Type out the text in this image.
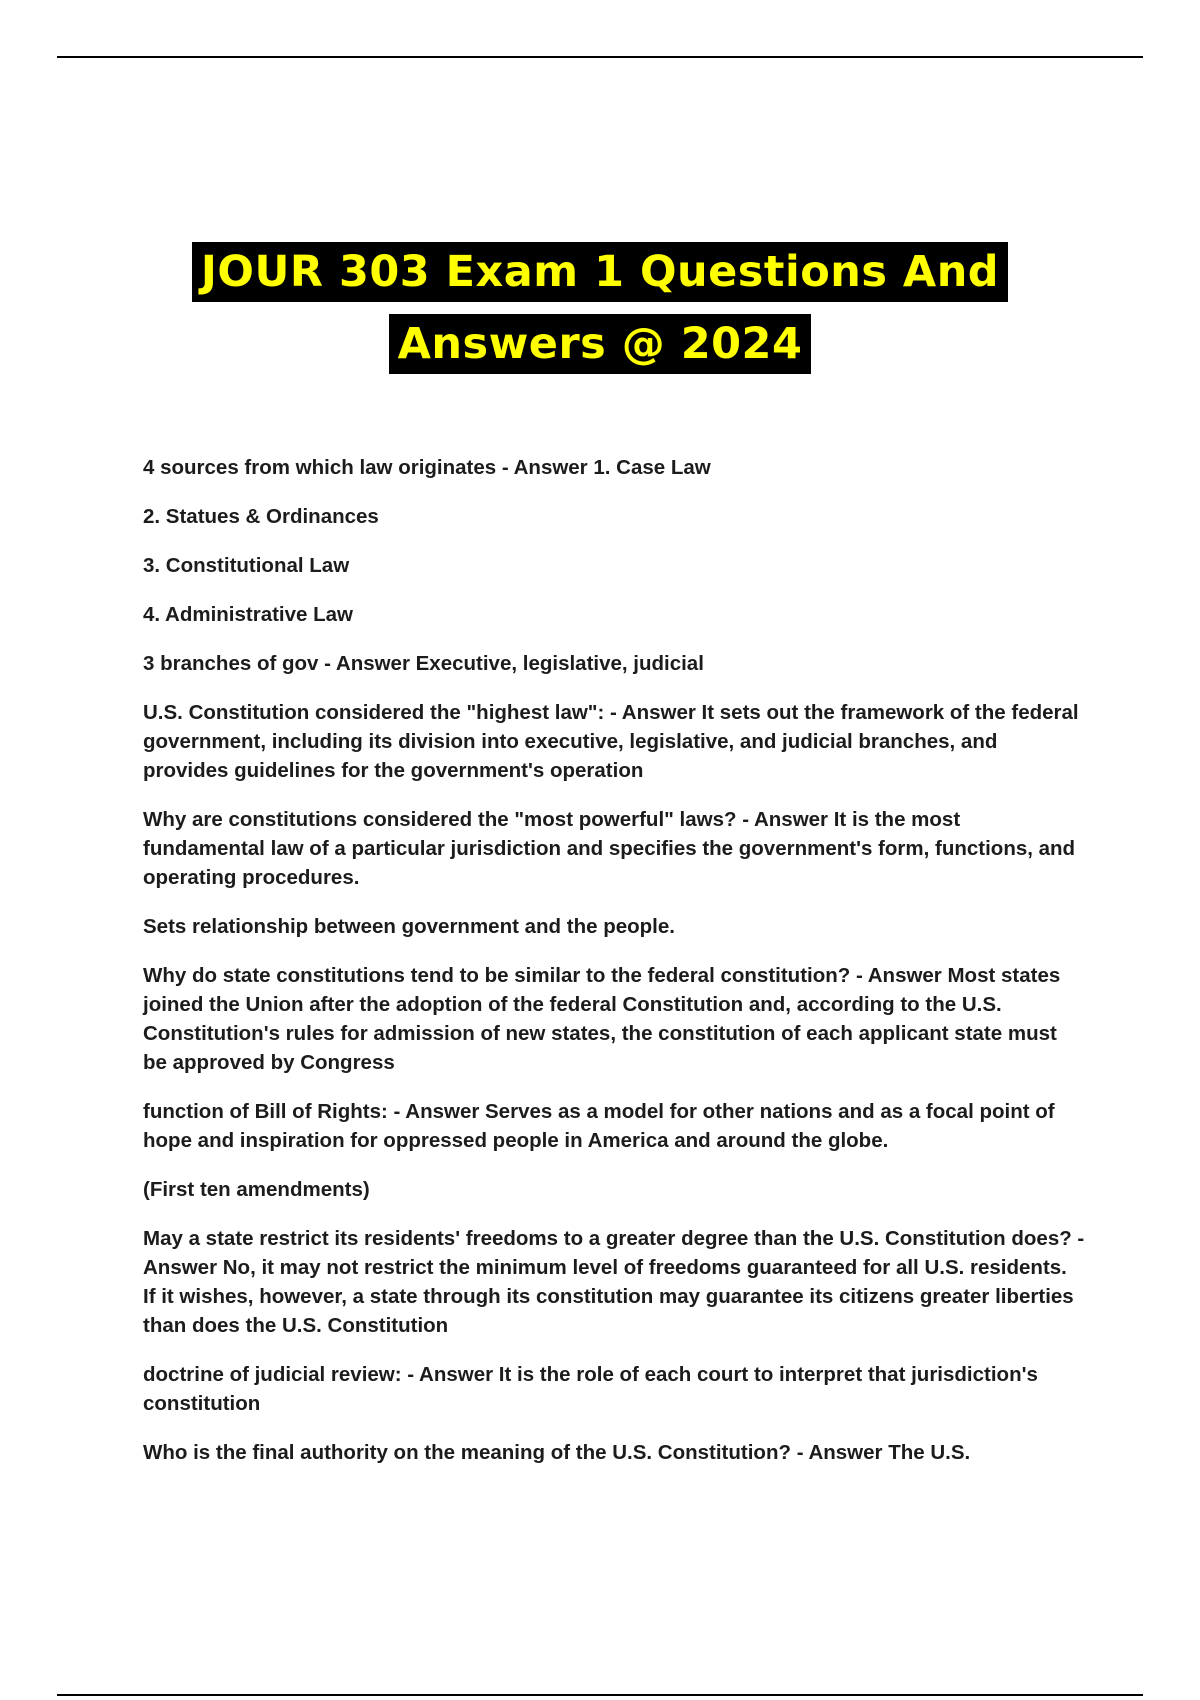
JOUR 303 Exam 1 Questions And
Answers @ 2024

4 sources from which law originates - Answer 1. Case Law

2. Statues & Ordinances

3. Constitutional Law

4. Administrative Law

3 branches of gov - Answer Executive, legislative, judicial

U.S. Constitution considered the "highest law": - Answer It sets out the framework of the federal government, including its division into executive, legislative, and judicial branches, and provides guidelines for the government's operation

Why are constitutions considered the "most powerful" laws? - Answer It is the most fundamental law of a particular jurisdiction and specifies the government's form, functions, and operating procedures.

Sets relationship between government and the people.

Why do state constitutions tend to be similar to the federal constitution? - Answer Most states joined the Union after the adoption of the federal Constitution and, according to the U.S. Constitution's rules for admission of new states, the constitution of each applicant state must be approved by Congress

function of Bill of Rights: - Answer Serves as a model for other nations and as a focal point of hope and inspiration for oppressed people in America and around the globe.

(First ten amendments)

May a state restrict its residents' freedoms to a greater degree than the U.S. Constitution does? - Answer No, it may not restrict the minimum level of freedoms guaranteed for all U.S. residents. If it wishes, however, a state through its constitution may guarantee its citizens greater liberties than does the U.S. Constitution

doctrine of judicial review: - Answer It is the role of each court to interpret that jurisdiction's constitution

Who is the final authority on the meaning of the U.S. Constitution? - Answer The U.S.
